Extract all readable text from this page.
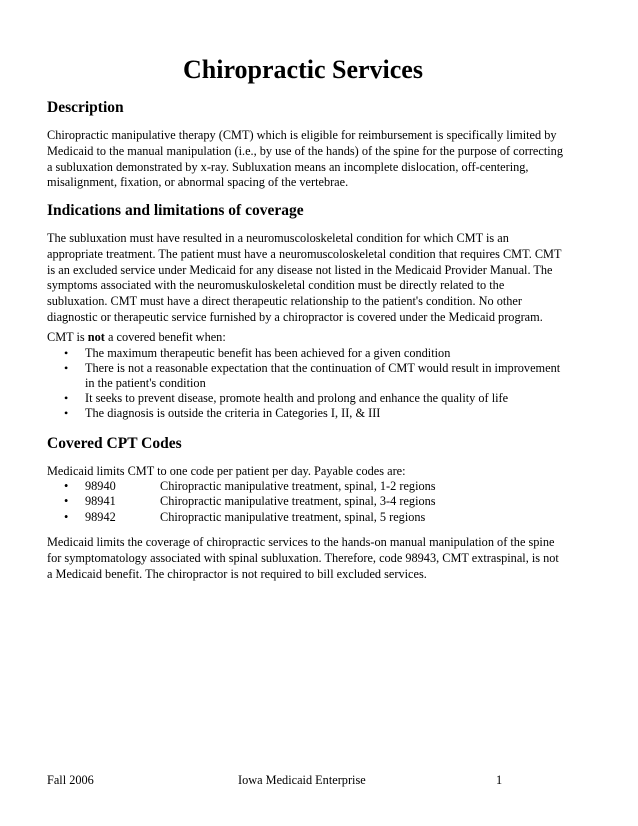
Chiropractic Services
Description

Chiropractic manipulative therapy (CMT) which is eligible for reimbursement is specifically limited by Medicaid to the manual manipulation (i.e., by use of the hands) of the spine for the purpose of correcting a subluxation demonstrated by x-ray. Subluxation means an incomplete dislocation, off-centering, misalignment, fixation, or abnormal spacing of the vertebrae.

Indications and limitations of coverage

The subluxation must have resulted in a neuromuscoloskeletal condition for which CMT is an appropriate treatment. The patient must have a neuromuscoloskeletal condition that requires CMT. CMT is an excluded service under Medicaid for any disease not listed in the Medicaid Provider Manual. The symptoms associated with the neuromuskuloskeletal condition must be directly related to the subluxation. CMT must have a direct therapeutic relationship to the patient's condition. No other diagnostic or therapeutic service furnished by a chiropractor is covered under the Medicaid program.

CMT is not a covered benefit when:

• The maximum therapeutic benefit has been achieved for a given condition
• There is not a reasonable expectation that the continuation of CMT would result in improvement in the patient's condition
• It seeks to prevent disease, promote health and prolong and enhance the quality of life
• The diagnosis is outside the criteria in Categories I, II, & III
Covered CPT Codes

Medicaid limits CMT to one code per patient per day. Payable codes are:

• 98940	Chiropractic manipulative treatment, spinal, 1-2 regions
• 98941	Chiropractic manipulative treatment, spinal, 3-4 regions
• 98942	Chiropractic manipulative treatment, spinal, 5 regions

Medicaid limits the coverage of chiropractic services to the hands-on manual manipulation of the spine for symptomatology associated with spinal subluxation. Therefore, code 98943, CMT extraspinal, is not a Medicaid benefit. The chiropractor is not required to bill excluded services.

Fall 2006	Iowa Medicaid Enterprise	1
